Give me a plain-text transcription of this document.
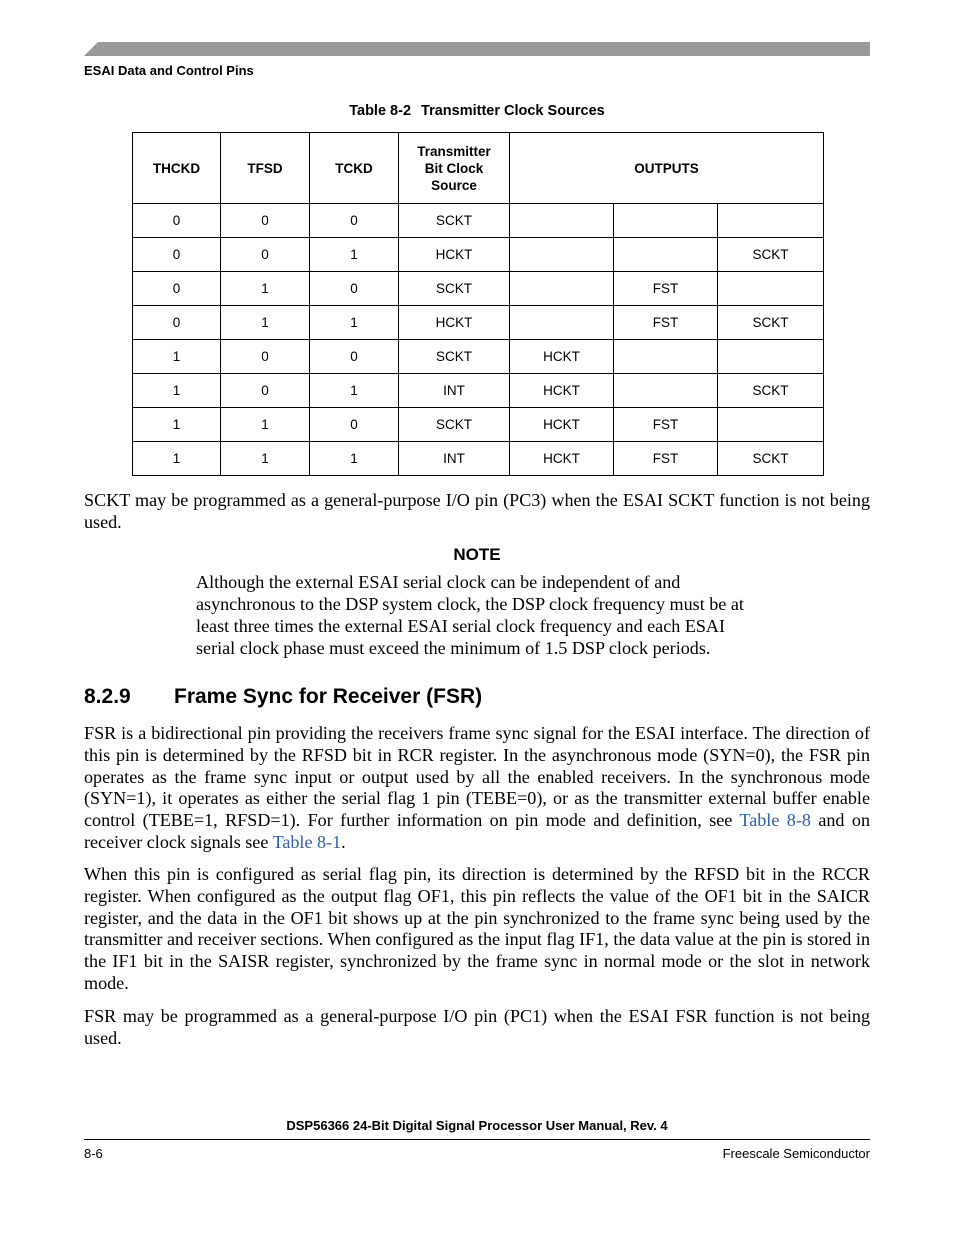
ESAI Data and Control Pins
Table 8-2 Transmitter Clock Sources
THCKD	TFSD	TCKD	Transmitter
Bit Clock
Source	OUTPUTS		
0	0	0	SCKT			
0	0	1	HCKT			SCKT
0	1	0	SCKT		FST	
0	1	1	HCKT		FST	SCKT
1	0	0	SCKT	HCKT		
1	0	1	INT	HCKT		SCKT
1	1	0	SCKT	HCKT	FST	
1	1	1	INT	HCKT	FST	SCKT
SCKT may be programmed as a general-purpose I/O pin (PC3) when the ESAI SCKT function is not being used.
NOTE
Although the external ESAI serial clock can be independent of and
asynchronous to the DSP system clock, the DSP clock frequency must be at
least three times the external ESAI serial clock frequency and each ESAI
serial clock phase must exceed the minimum of 1.5 DSP clock periods.
8.2.9 Frame Sync for Receiver (FSR)
FSR is a bidirectional pin providing the receivers frame sync signal for the ESAI interface. The direction of this pin is determined by the RFSD bit in RCR register. In the asynchronous mode (SYN=0), the FSR pin operates as the frame sync input or output used by all the enabled receivers. In the synchronous mode (SYN=1), it operates as either the serial flag 1 pin (TEBE=0), or as the transmitter external buffer enable control (TEBE=1, RFSD=1). For further information on pin mode and definition, see Table 8-8 and on receiver clock signals see Table 8-1.
When this pin is configured as serial flag pin, its direction is determined by the RFSD bit in the RCCR register. When configured as the output flag OF1, this pin reflects the value of the OF1 bit in the SAICR register, and the data in the OF1 bit shows up at the pin synchronized to the frame sync being used by the transmitter and receiver sections. When configured as the input flag IF1, the data value at the pin is stored in the IF1 bit in the SAISR register, synchronized by the frame sync in normal mode or the slot in network mode.
FSR may be programmed as a general-purpose I/O pin (PC1) when the ESAI FSR function is not being used.
DSP56366 24-Bit Digital Signal Processor User Manual, Rev. 4
8-6	Freescale Semiconductor
